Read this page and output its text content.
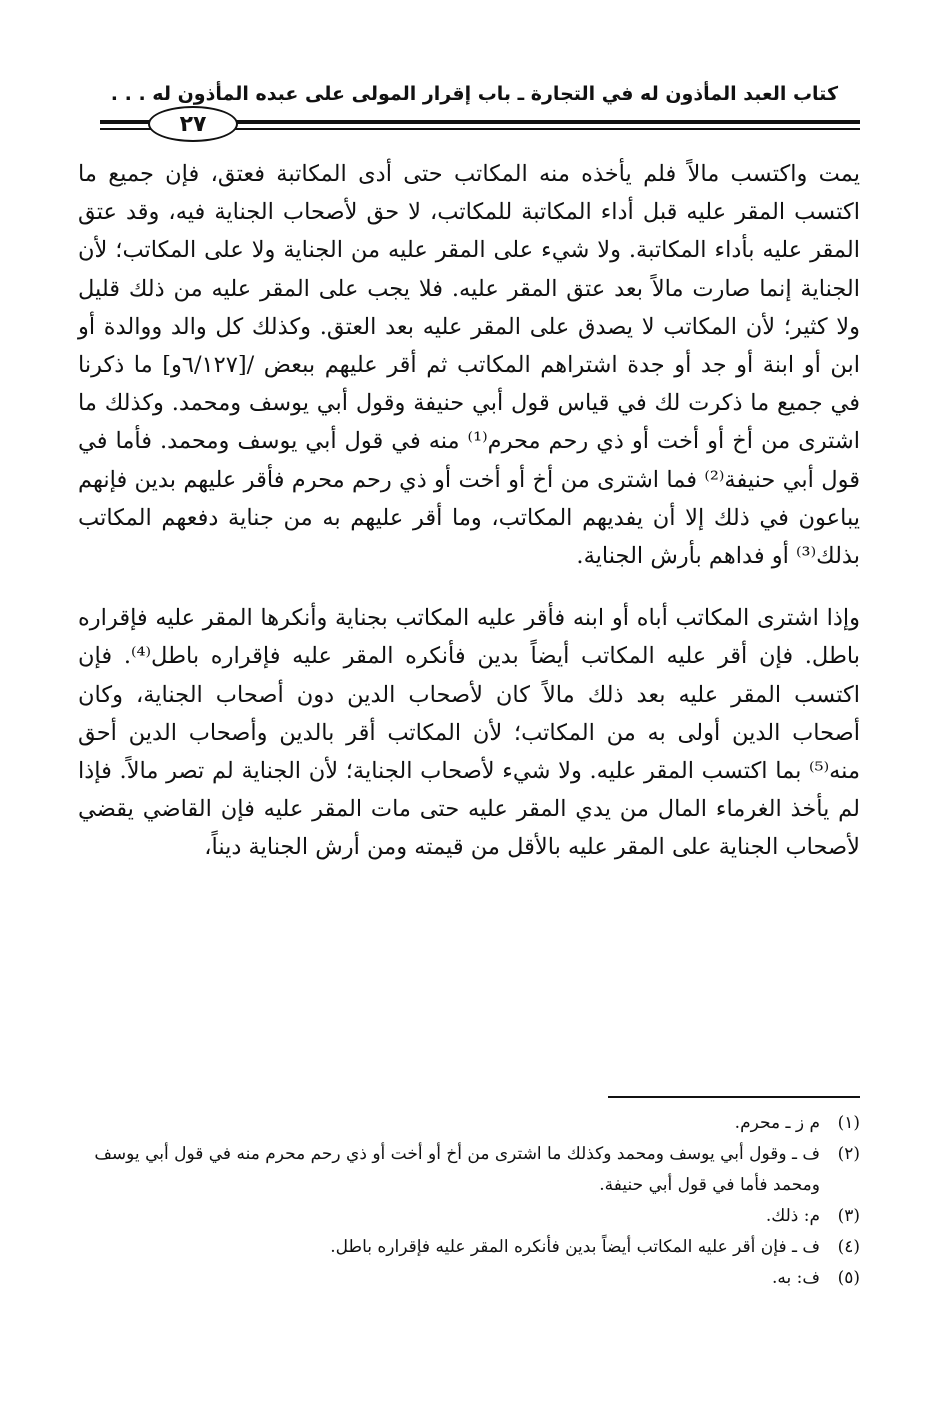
كتاب العبد المأذون له في التجارة ـ باب إقرار المولى على عبده المأذون له . . .
٢٧

يمت واكتسب مالاً فلم يأخذه منه المكاتب حتى أدى المكاتبة فعتق، فإن جميع ما اكتسب المقر عليه قبل أداء المكاتبة للمكاتب، لا حق لأصحاب الجناية فيه، وقد عتق المقر عليه بأداء المكاتبة. ولا شيء على المقر عليه من الجناية ولا على المكاتب؛ لأن الجناية إنما صارت مالاً بعد عتق المقر عليه. فلا يجب على المقر عليه من ذلك قليل ولا كثير؛ لأن المكاتب لا يصدق على المقر عليه بعد العتق. وكذلك كل والد ووالدة أو ابن أو ابنة أو جد أو جدة اشتراهم المكاتب ثم أقر عليهم ببعض /[٦/١٢٧و] ما ذكرنا في جميع ما ذكرت لك في قياس قول أبي حنيفة وقول أبي يوسف ومحمد. وكذلك ما اشترى من أخ أو أخت أو ذي رحم محرم⁽¹⁾ منه في قول أبي يوسف ومحمد. فأما في قول أبي حنيفة⁽²⁾ فما اشترى من أخ أو أخت أو ذي رحم محرم فأقر عليهم بدين فإنهم يباعون في ذلك إلا أن يفديهم المكاتب، وما أقر عليهم به من جناية دفعهم المكاتب بذلك⁽³⁾ أو فداهم بأرش الجناية.

وإذا اشترى المكاتب أباه أو ابنه فأقر عليه المكاتب بجناية وأنكرها المقر عليه فإقراره باطل. فإن أقر عليه المكاتب أيضاً بدين فأنكره المقر عليه فإقراره باطل⁽⁴⁾. فإن اكتسب المقر عليه بعد ذلك مالاً كان لأصحاب الدين دون أصحاب الجناية، وكان أصحاب الدين أولى به من المكاتب؛ لأن المكاتب أقر بالدين وأصحاب الدين أحق منه⁽⁵⁾ بما اكتسب المقر عليه. ولا شيء لأصحاب الجناية؛ لأن الجناية لم تصر مالاً. فإذا لم يأخذ الغرماء المال من يدي المقر عليه حتى مات المقر عليه فإن القاضي يقضي لأصحاب الجناية على المقر عليه بالأقل من قيمته ومن أرش الجناية ديناً،

(١)
م ز ـ محرم.
(٢)
ف ـ وقول أبي يوسف ومحمد وكذلك ما اشترى من أخ أو أخت أو ذي رحم محرم منه في قول أبي يوسف ومحمد فأما في قول أبي حنيفة.
(٣)
م: ذلك.
(٤)
ف ـ فإن أقر عليه المكاتب أيضاً بدين فأنكره المقر عليه فإقراره باطل.
(٥)
ف: به.
